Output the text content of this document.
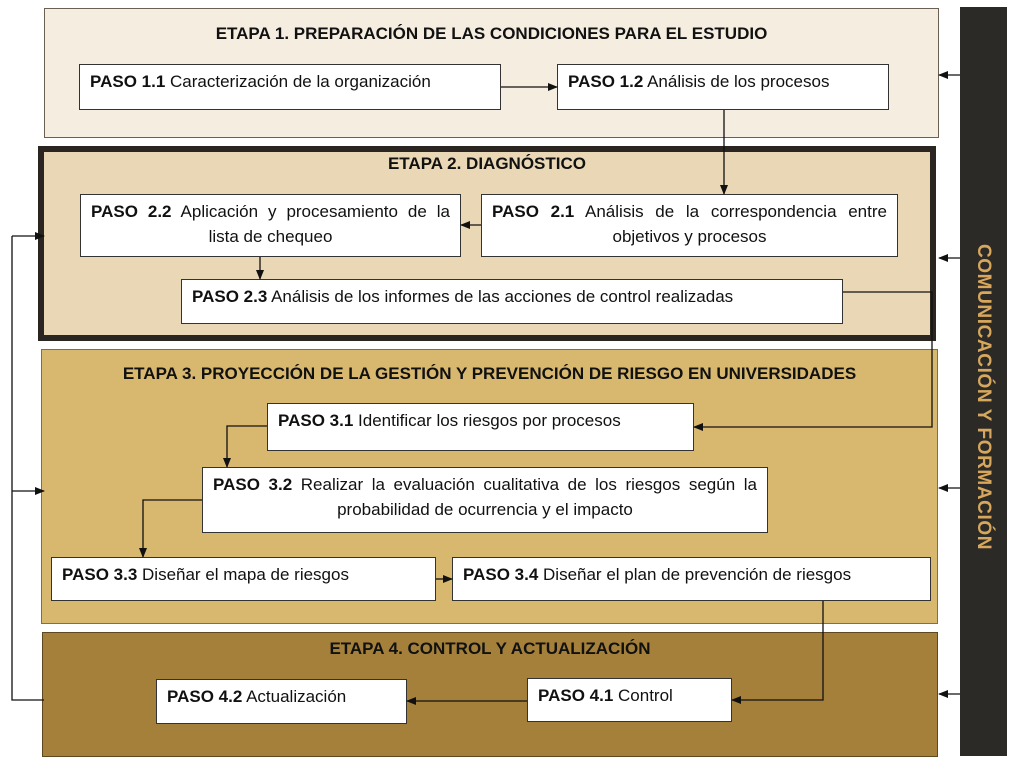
COMUNICACIÓN Y FORMACIÓN
ETAPA 1. PREPARACIÓN DE LAS CONDICIONES PARA EL ESTUDIO
ETAPA 2. DIAGNÓSTICO
ETAPA 3. PROYECCIÓN DE LA GESTIÓN Y PREVENCIÓN DE RIESGO EN UNIVERSIDADES
ETAPA 4. CONTROL Y ACTUALIZACIÓN
PASO 1.1 Caracterización de la organización	PASO 1.2 Análisis de los procesos
PASO 2.2 Aplicación y procesamiento de la lista de chequeo
PASO 2.1 Análisis de la correspondencia entre objetivos y procesos
PASO 2.3 Análisis de los informes de las acciones de control realizadas
PASO 3.1 Identificar los riesgos por procesos
PASO 3.2 Realizar la evaluación cualitativa de los riesgos según la probabilidad de ocurrencia y el impacto
PASO 3.3 Diseñar el mapa de riesgos	PASO 3.4 Diseñar el plan de prevención de riesgos
PASO 4.2 Actualización	PASO 4.1 Control
